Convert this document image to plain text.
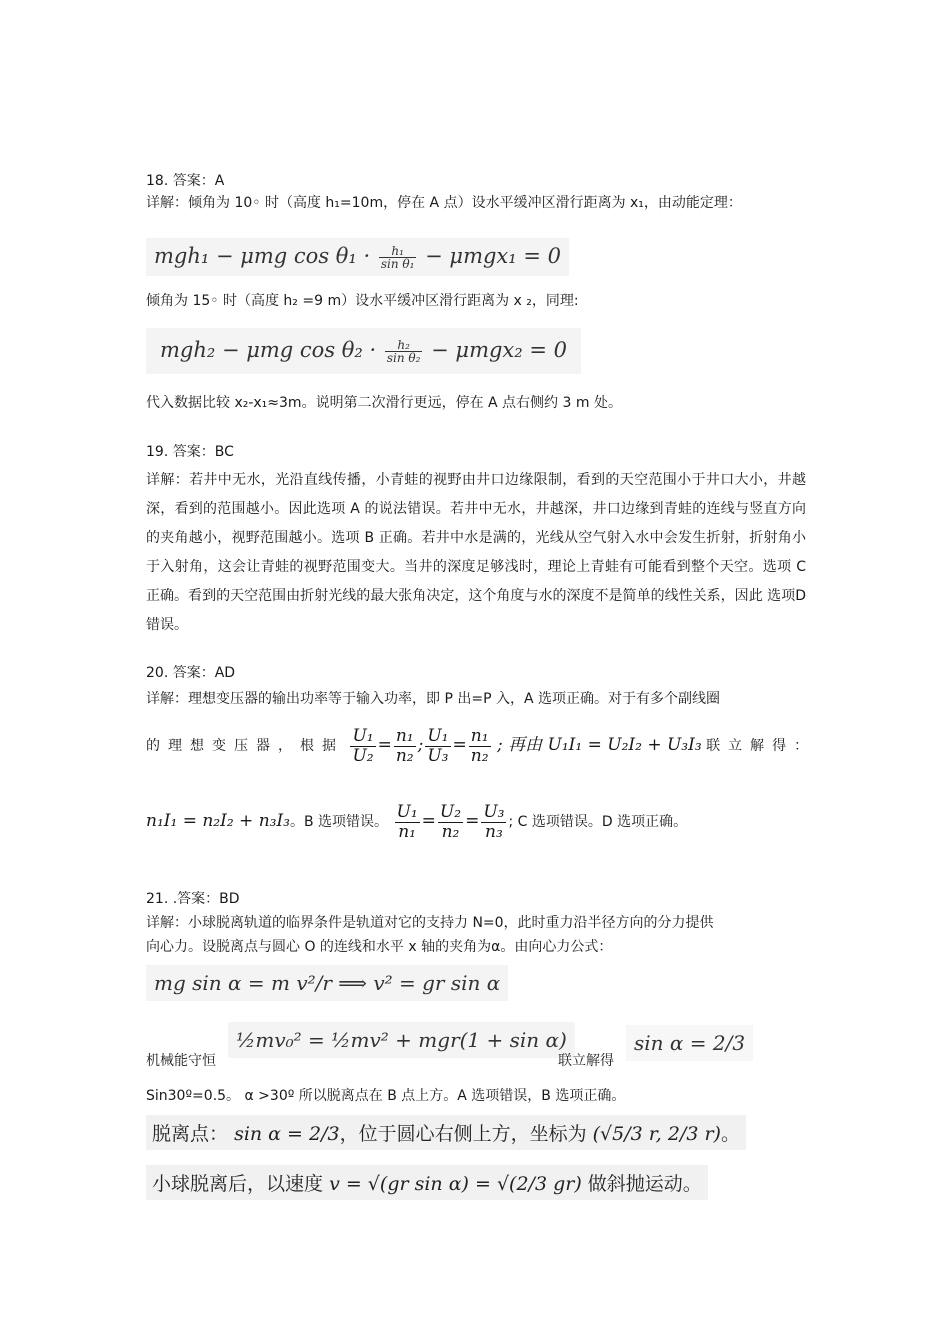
18. 答案：A
详解：倾角为 10◦ 时（高度 h₁=10m，停在 A 点）设水平缓冲区滑行距离为 x₁，由动能定理：
mgh₁ − μmg $\cos \theta_1 \cdot \frac{\text{h₁}}{\text{sin θ₁}} - \mu mgx_1 = 0$
倾角为 15◦ 时（高度 h₂ =9 m）设水平缓冲区滑行距离为 x ₂，同理:
mgh₂ − μmg $\cos \theta_2 \cdot \frac{\text{h₂}}{\text{sin θ₂}} - \mu mgx_2 = 0$
代入数据比较 x₂-x₁≈3m。说明第二次滑行更远，停在 A 点右侧约 3 m 处。
19. 答案：BC
详解：若井中无水，光沿直线传播，小青蛙的视野由井口边缘限制，看到的天空范围小于井口大小，井越深，看到的范围越小。因此选项 A 的说法错误。若井中无水，井越深，井口边缘到青蛙的连线与竖直方向的夹角越小，视野范围越小。选项 B 正确。若井中水是满的，光线从空气射入水中会发生折射，折射角小于入射角，这会让青蛙的视野范围变大。当井的深度足够浅时，理论上青蛙有可能看到整个天空。选项 C 正确。看到的天空范围由折射光线的最大张角决定，这个角度与水的深度不是简单的线性关系，因此 选项D 错误。
20. 答案：AD
详解：理想变压器的输出功率等于输入功率，即 P 出=P 入，A 选项正确。对于有多个副线圈
的理想变压器，根据 $\frac{\text{U₁}}{\text{U₂}} = \frac{\text{n₁}}{\text{n₂}}$ ; $\frac{\text{U₁}}{\text{U₃}} = \frac{\text{n₁}}{\text{n₂}}$ ; 再由 U₁I₁ = U₂I₂ + U₃I₃ 联立解得：
n₁I₁ = n₂I₂ + n₃I₃。B 选项错误。 $\frac{\text{U₁}}{\text{n₁}} = \frac{\text{U₂}}{\text{n₂}} = \frac{\text{U₃}}{\text{n₃}}$ ; C 选项错误。D 选项正确。
21. .答案：BD
详解：小球脱离轨道的临界条件是轨道对它的支持力 N=0，此时重力沿半径方向的分力提供
向心力。设脱离点与圆心 O 的连线和水平 x 轴的夹角为α。由向心力公式：
mg sin α = m v²/r ⟹ v² = gr sin α
机械能守恒
½mv₀² = ½mv² + mgr(1 + sin α)
联立解得
sin α = 2/3
Sin30º=0.5。 α >30º 所以脱离点在 B 点上方。A 选项错误，B 选项正确。
脱离点： sin α = 2/3，位于圆心右侧上方，坐标为 (√5/3 r, 2/3 r)。
小球脱离后，以速度 v = √(gr sin α) = √(2/3 gr) 做斜抛运动。
